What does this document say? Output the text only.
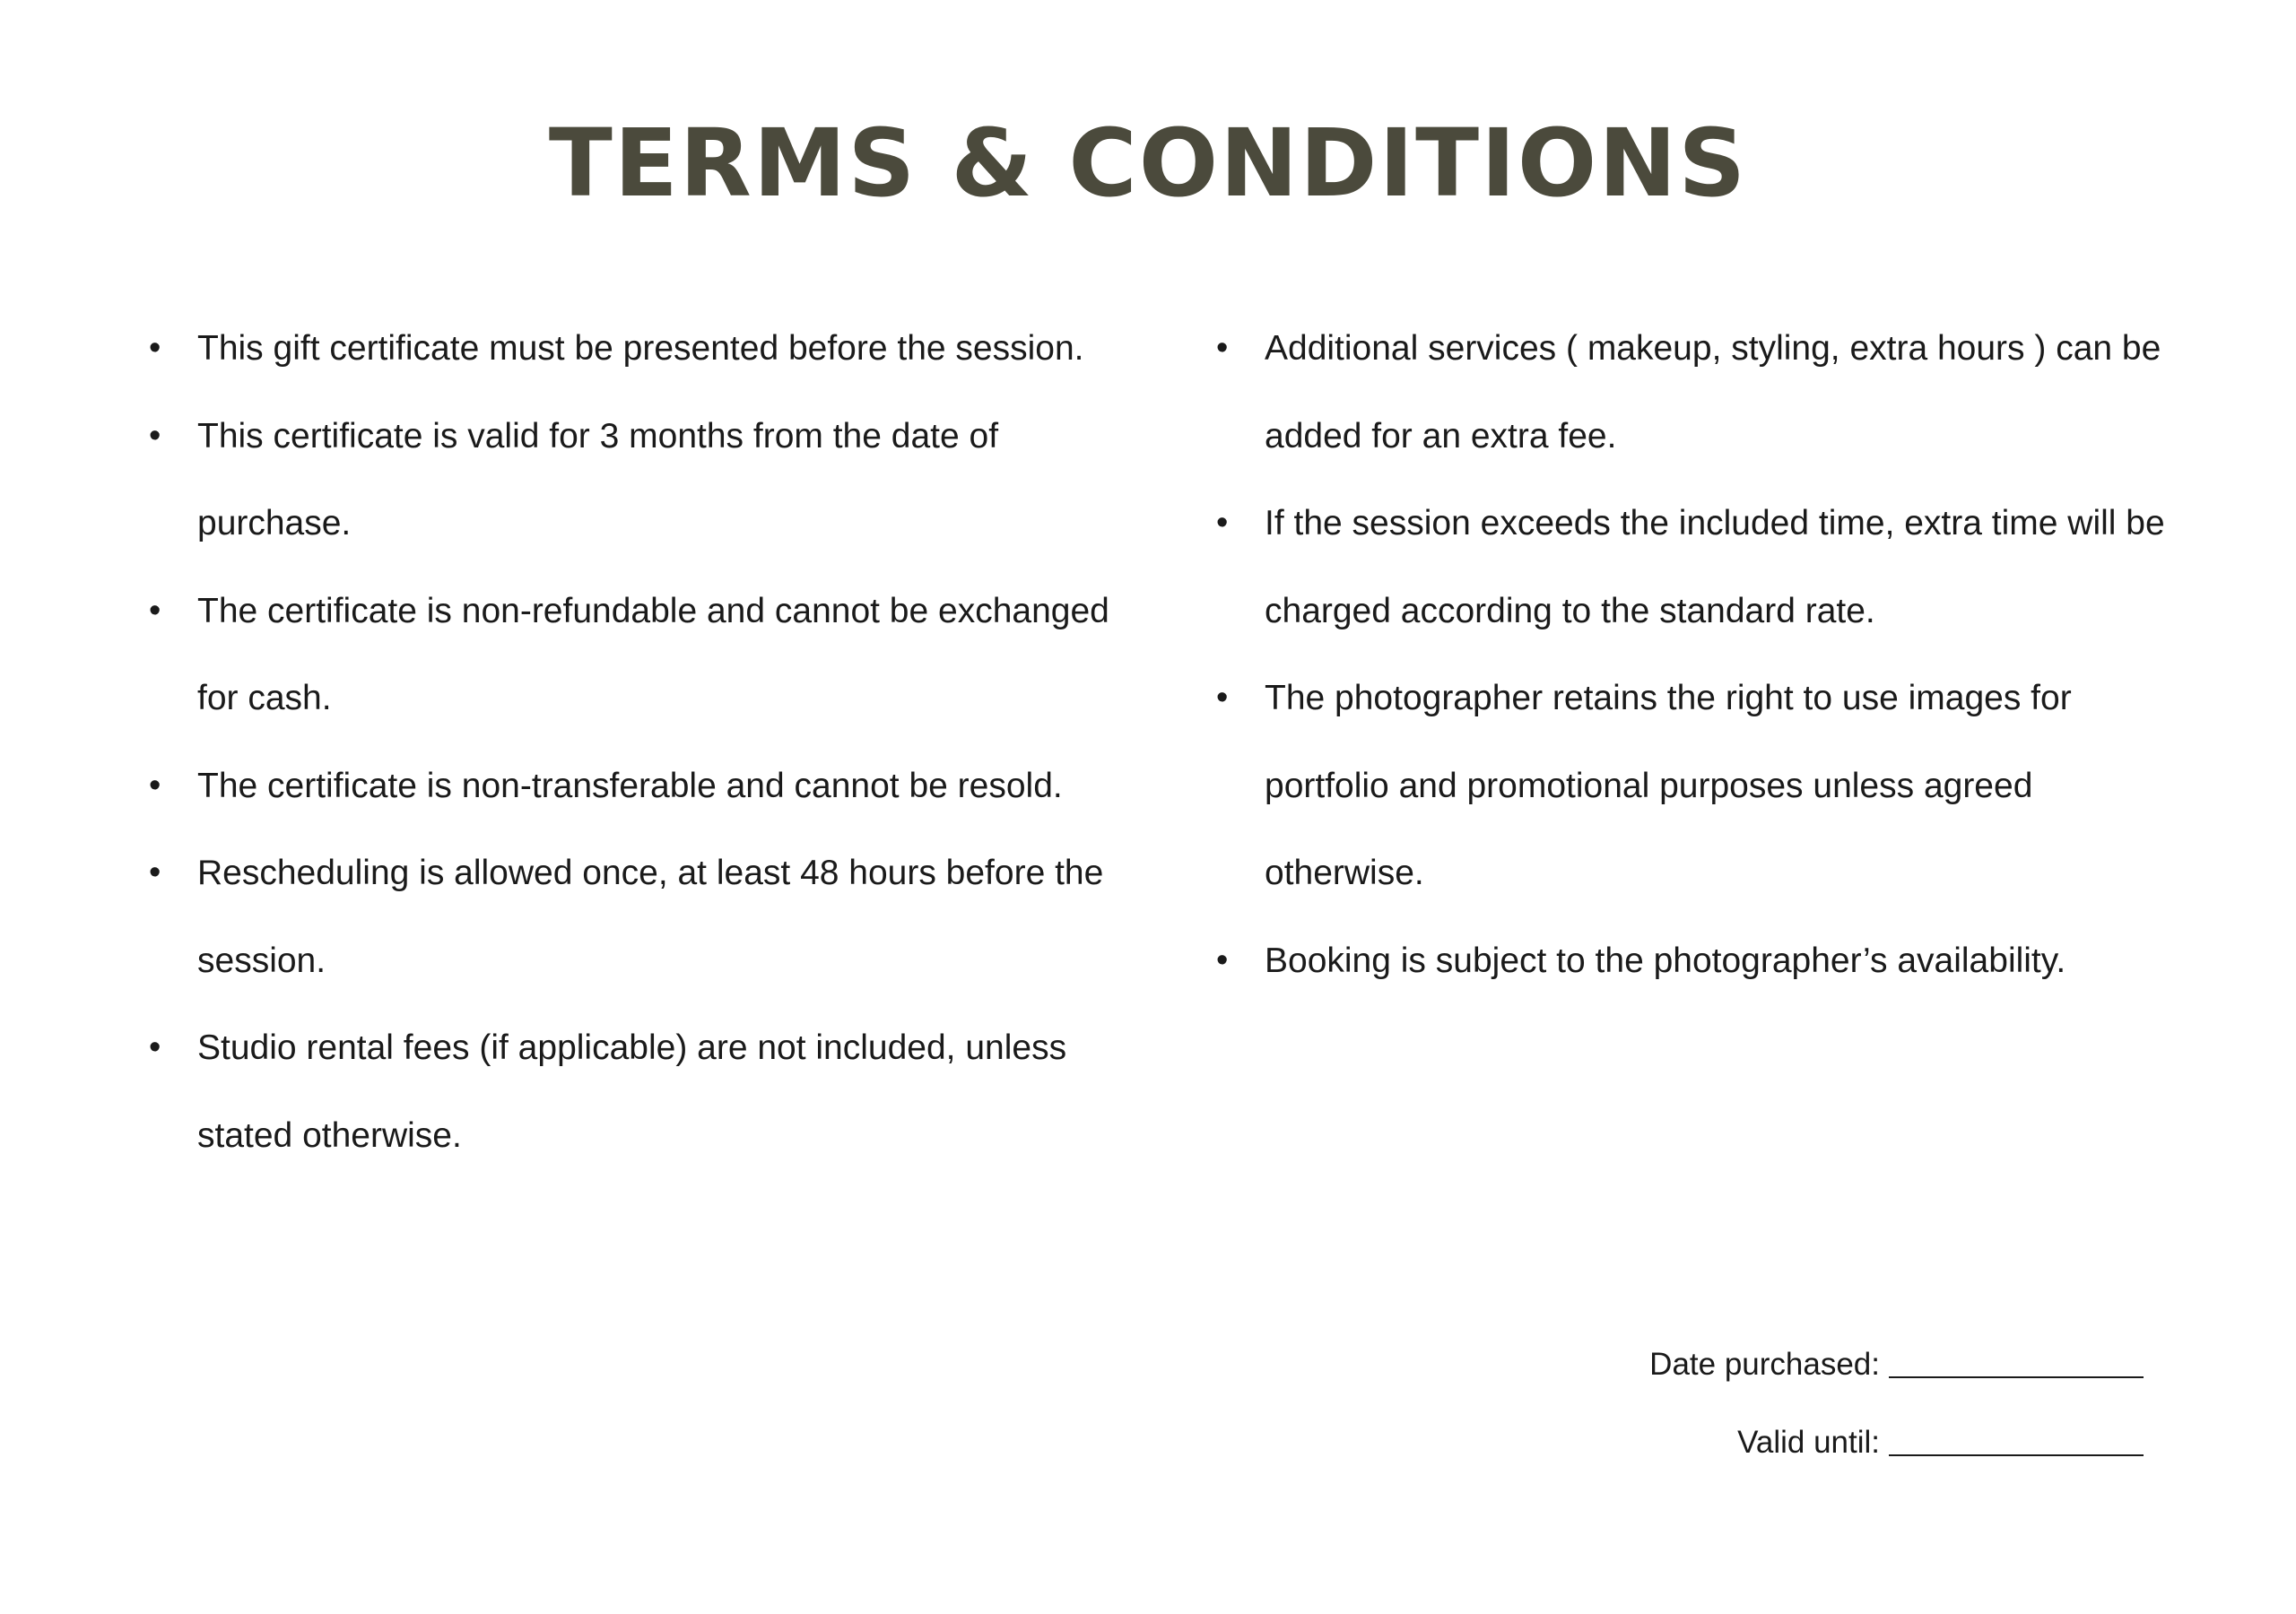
TERMS & CONDITIONS
• This gift certificate must be presented before the session.
• This certificate is valid for 3 months from the date of purchase.
• The certificate is non-refundable and cannot be exchanged for cash.
• The certificate is non-transferable and cannot be resold.
• Rescheduling is allowed once, at least 48 hours before the session.
• Studio rental fees (if applicable) are not included, unless stated otherwise.
• Additional services ( makeup, styling, extra hours ) can be added for an extra fee.
• If the session exceeds the included time, extra time will be charged according to the standard rate.
• The photographer retains the right to use images for portfolio and promotional purposes unless agreed otherwise.
• Booking is subject to the photographer’s availability.
Date purchased:
Valid until:
